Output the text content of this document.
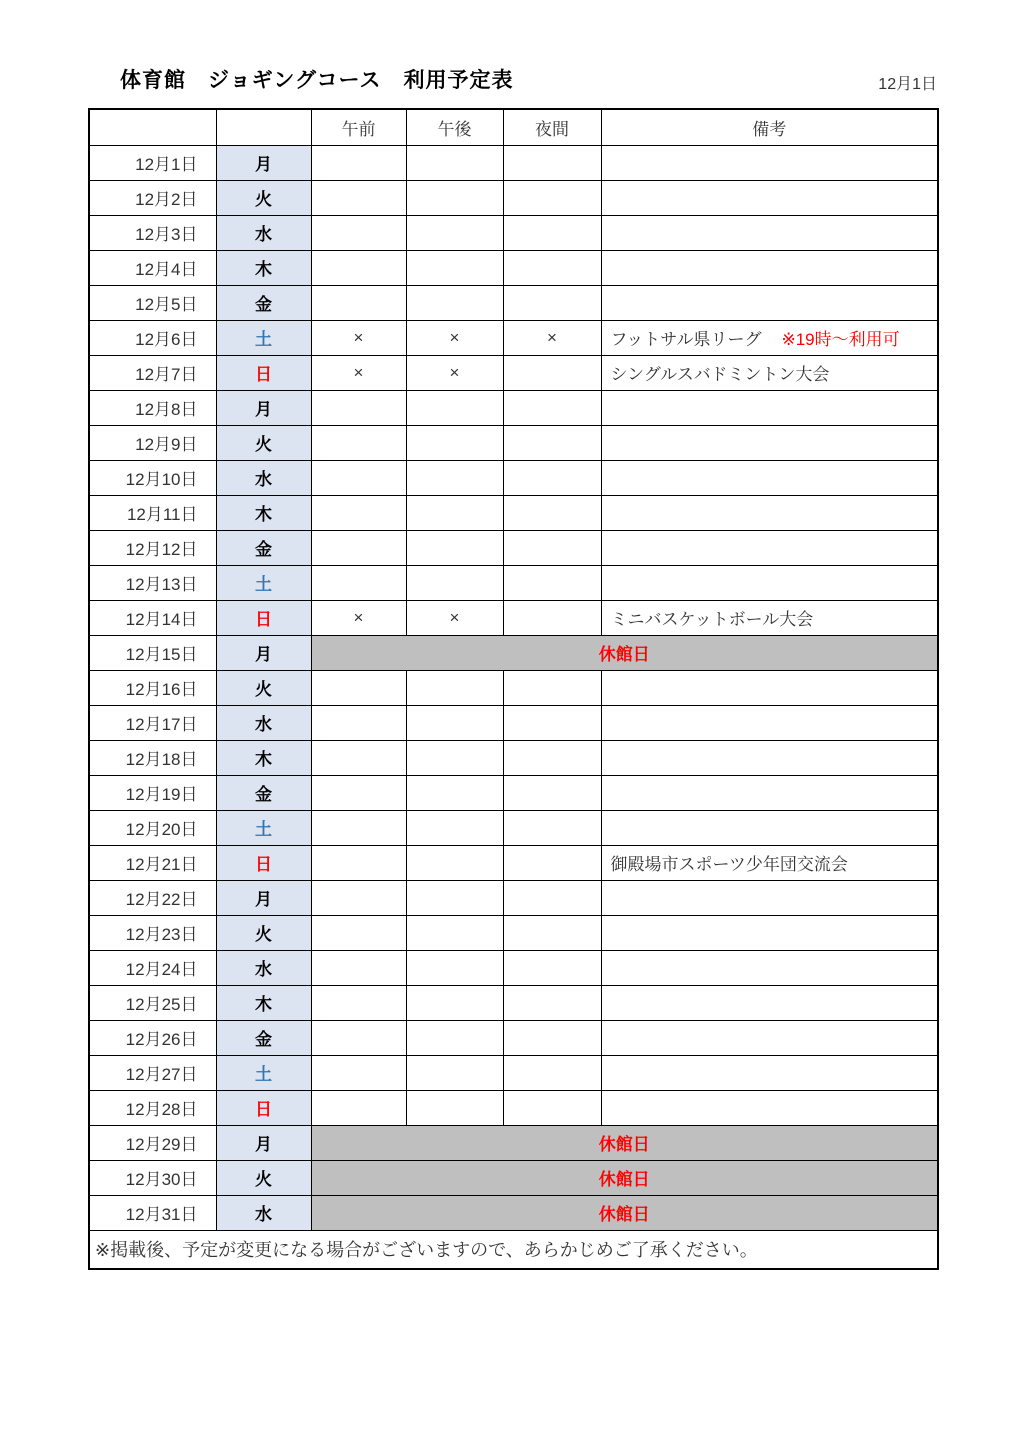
体育館　ジョギングコース　利用予定表	12月1日
		午前	午後	夜間	備考
12月1日	月				
12月2日	火				
12月3日	水				
12月4日	木				
12月5日	金				
12月6日	土	×	×	×	フットサル県リーグ ※19時～利用可
12月7日	日	×	×		シングルスバドミントン大会
12月8日	月				
12月9日	火				
12月10日	水				
12月11日	木				
12月12日	金				
12月13日	土				
12月14日	日	×	×		ミニバスケットボール大会
12月15日	月	休館日			
12月16日	火				
12月17日	水				
12月18日	木				
12月19日	金				
12月20日	土				
12月21日	日				御殿場市スポーツ少年団交流会
12月22日	月				
12月23日	火				
12月24日	水				
12月25日	木				
12月26日	金				
12月27日	土				
12月28日	日				
12月29日	月	休館日			
12月30日	火	休館日			
12月31日	水	休館日			
※掲載後、予定が変更になる場合がございますので、あらかじめご了承ください。					
